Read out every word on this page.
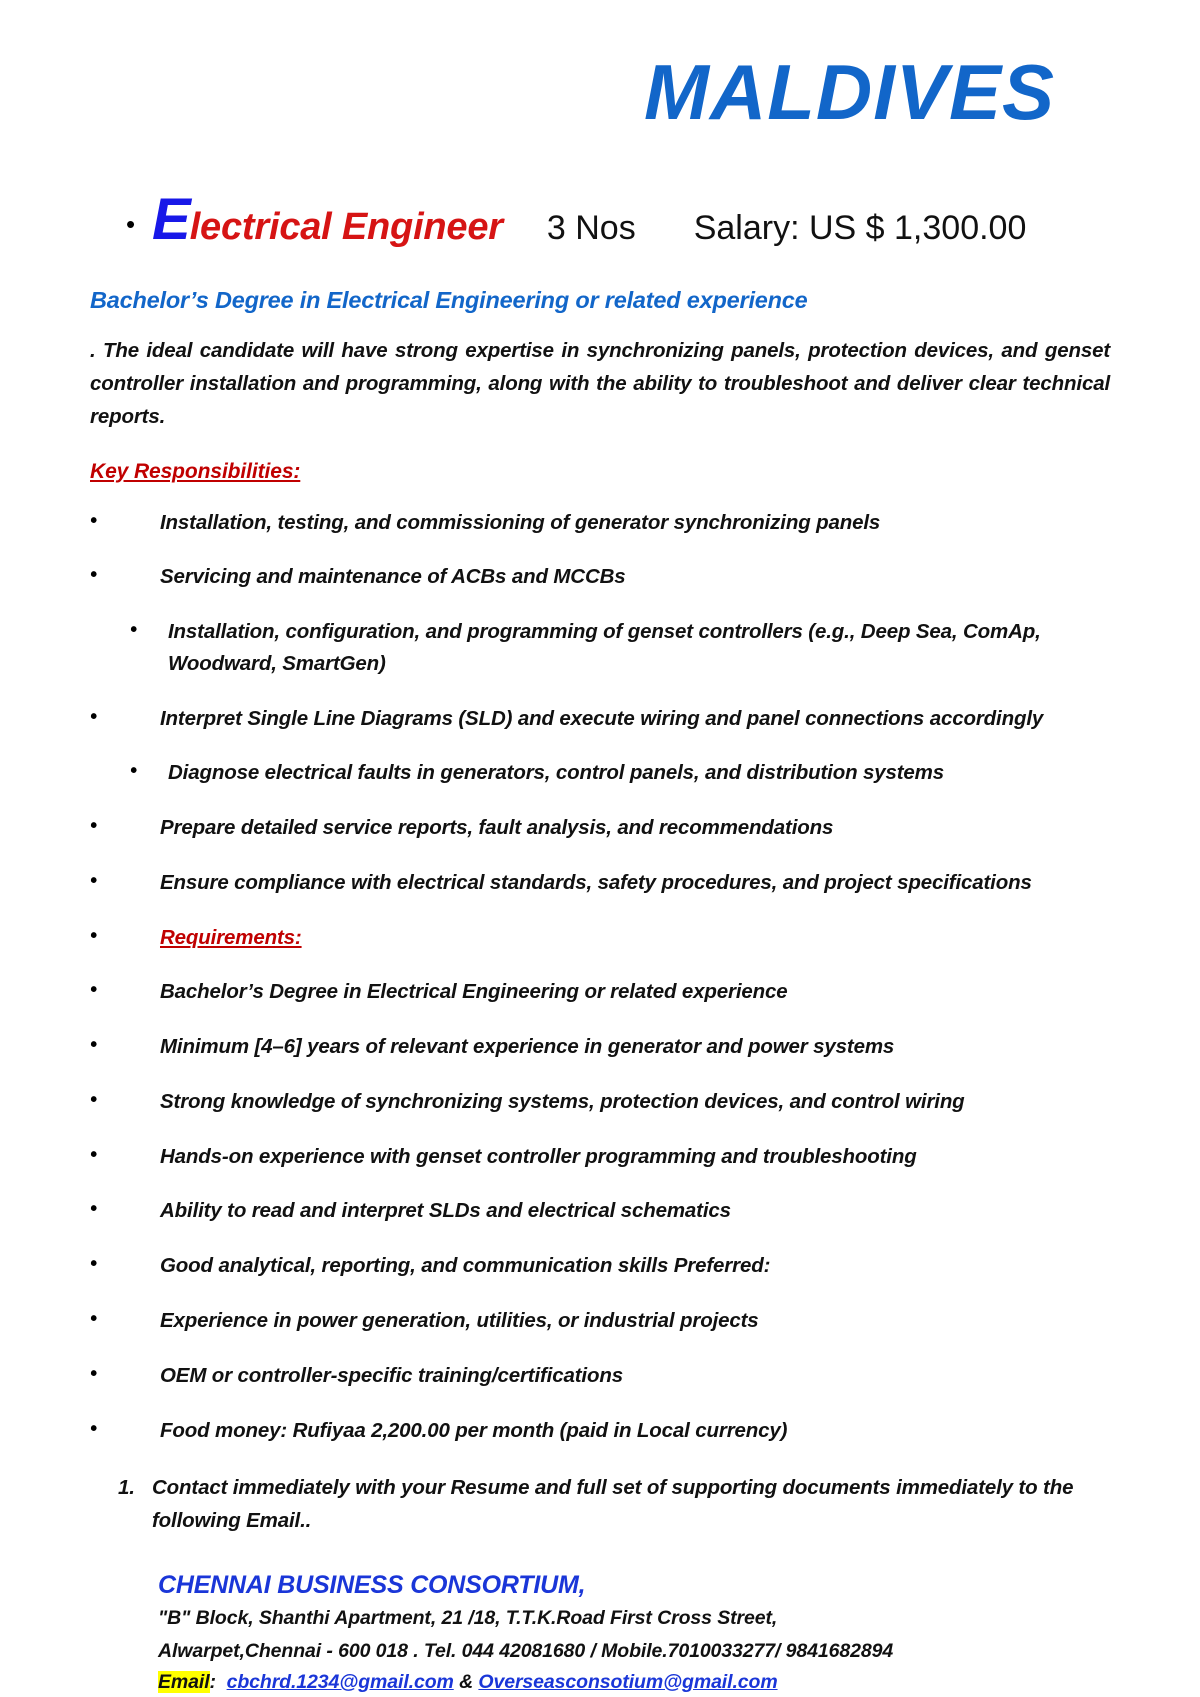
MALDIVES
• Electrical Engineer 3 Nos Salary: US $ 1,300.00
Bachelor’s Degree in Electrical Engineering or related experience
. The ideal candidate will have strong expertise in synchronizing panels, protection devices, and genset controller installation and programming, along with the ability to troubleshoot and deliver clear technical reports.
Key Responsibilities:
•	Installation, testing, and commissioning of generator synchronizing panels
•	Servicing and maintenance of ACBs and MCCBs
• Installation, configuration, and programming of genset controllers (e.g., Deep Sea, ComAp, Woodward, SmartGen)
•	Interpret Single Line Diagrams (SLD) and execute wiring and panel connections accordingly
• Diagnose electrical faults in generators, control panels, and distribution systems
•	Prepare detailed service reports, fault analysis, and recommendations
•	Ensure compliance with electrical standards, safety procedures, and project specifications
•	Requirements:
•	Bachelor’s Degree in Electrical Engineering or related experience
•	Minimum [4–6] years of relevant experience in generator and power systems
•	Strong knowledge of synchronizing systems, protection devices, and control wiring
•	Hands-on experience with genset controller programming and troubleshooting
•	Ability to read and interpret SLDs and electrical schematics
•	Good analytical, reporting, and communication skills Preferred:
•	Experience in power generation, utilities, or industrial projects
•	OEM or controller-specific training/certifications
•	Food money: Rufiyaa 2,200.00 per month (paid in Local currency)
1. Contact immediately with your Resume and full set of supporting documents immediately to the following Email..
CHENNAI BUSINESS CONSORTIUM,
"B" Block, Shanthi Apartment, 21 /18, T.T.K.Road First Cross Street,
Alwarpet,Chennai - 600 018 . Tel. 044 42081680 / Mobile.7010033277/ 9841682894
Email: cbchrd.1234@gmail.com & Overseasconsotium@gmail.com
